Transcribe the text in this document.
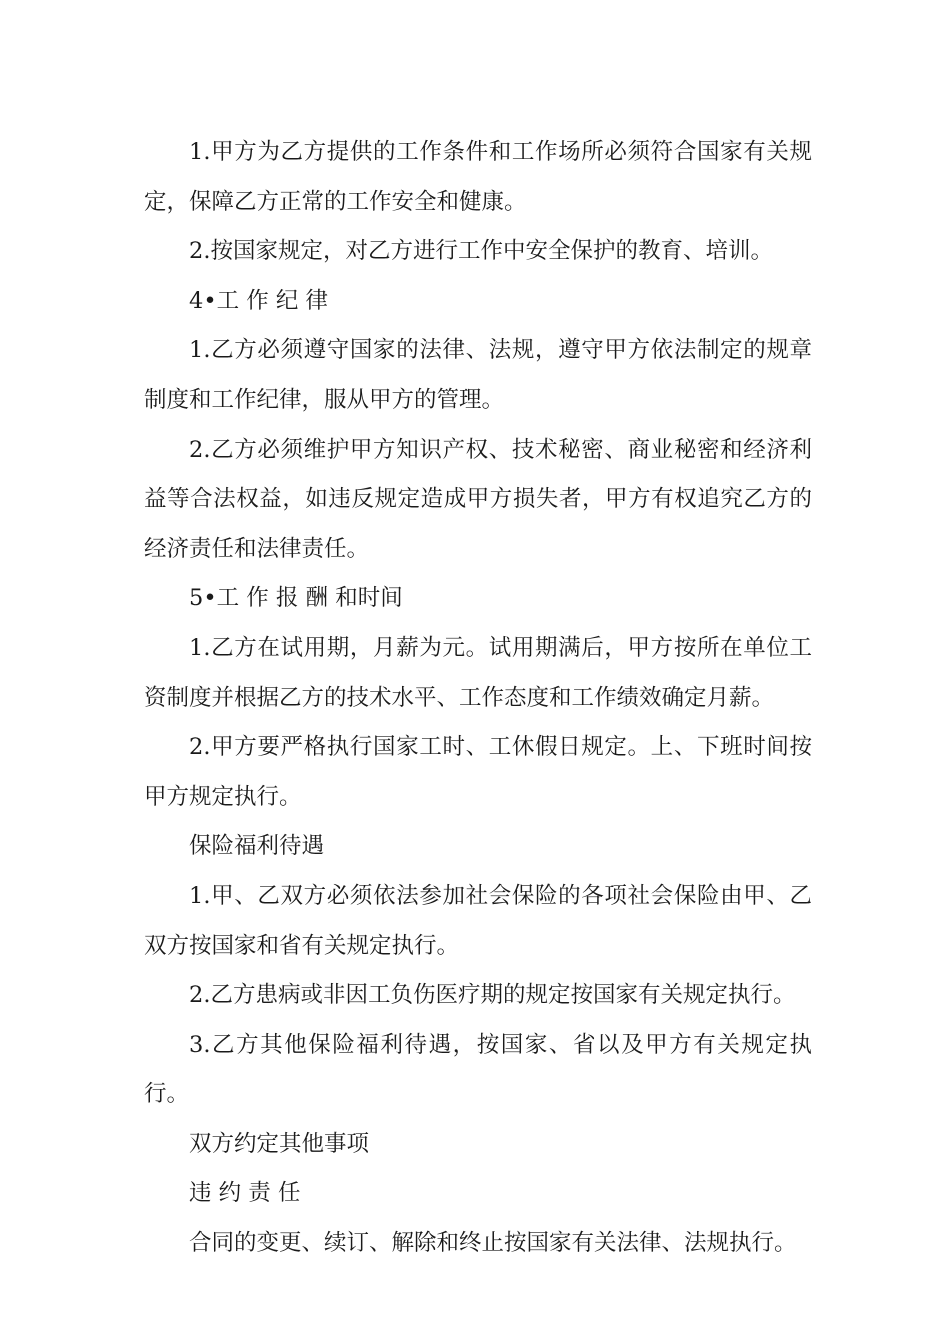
1.甲方为乙方提供的工作条件和工作场所必须符合国家有关规定，保障乙方正常的工作安全和健康。

2.按国家规定，对乙方进行工作中安全保护的教育、培训。

4•工 作 纪 律

1.乙方必须遵守国家的法律、法规，遵守甲方依法制定的规章制度和工作纪律，服从甲方的管理。

2.乙方必须维护甲方知识产权、技术秘密、商业秘密和经济利益等合法权益，如违反规定造成甲方损失者，甲方有权追究乙方的经济责任和法律责任。

5•工 作 报 酬 和时间

1.乙方在试用期，月薪为元。试用期满后，甲方按所在单位工资制度并根据乙方的技术水平、工作态度和工作绩效确定月薪。

2.甲方要严格执行国家工时、工休假日规定。上、下班时间按甲方规定执行。

保险福利待遇

1.甲、乙双方必须依法参加社会保险的各项社会保险由甲、乙双方按国家和省有关规定执行。

2.乙方患病或非因工负伤医疗期的规定按国家有关规定执行。

3.乙方其他保险福利待遇，按国家、省以及甲方有关规定执行。

双方约定其他事项

违 约 责 任

合同的变更、续订、解除和终止按国家有关法律、法规执行。
